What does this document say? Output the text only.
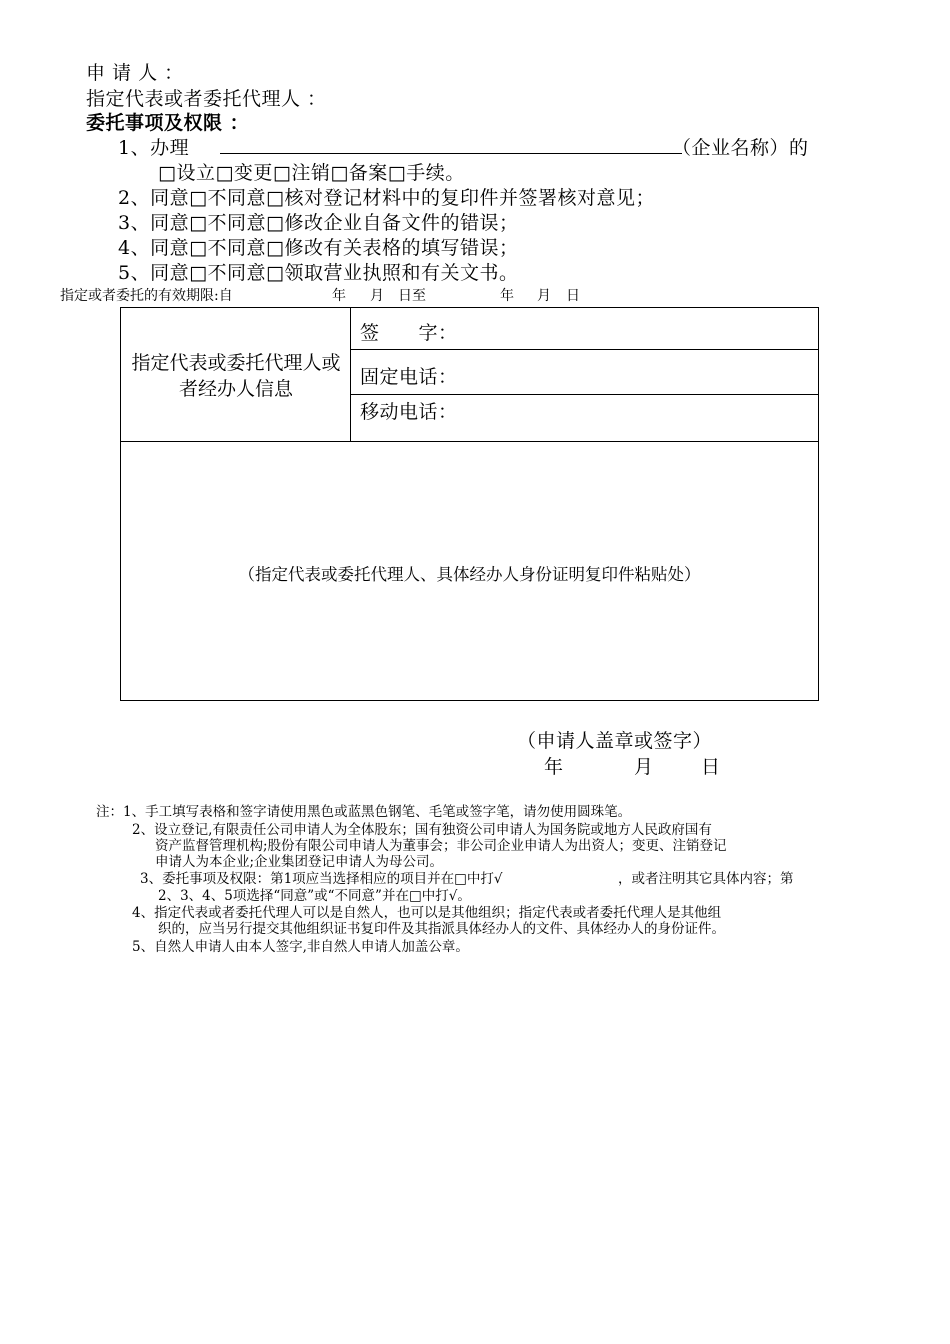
申 请 人 ：
指定代表或者委托代理人 ：
委托事项及权限 ：
1、办理	（企业名称）的
□设立□变更□注销□备案□手续。
2、同意□不同意□核对登记材料中的复印件并签署核对意见；
3、同意□不同意□修改企业自备文件的错误；
4、同意□不同意□修改有关表格的填写错误；
5、同意□不同意□领取营业执照和有关文书。
指定或者委托的有效期限:自	年 月 日至	年 月 日
指定代表或委托代理人或者经办人信息
签　　字：
固定电话：
移动电话：
（指定代表或委托代理人、具体经办人身份证明复印件粘贴处）
（申请人盖章或签字）
年	月 日
注：1、手工填写表格和签字请使用黑色或蓝黑色钢笔、毛笔或签字笔，请勿使用圆珠笔。
2、设立登记,有限责任公司申请人为全体股东；国有独资公司申请人为国务院或地方人民政府国有
资产监督管理机构;股份有限公司申请人为董事会；非公司企业申请人为出资人；变更、注销登记
申请人为本企业;企业集团登记申请人为母公司。
3、委托事项及权限：第1项应当选择相应的项目并在□中打√	，或者注明其它具体内容；第
2、3、4、5项选择“同意”或“不同意”并在□中打√。
4、指定代表或者委托代理人可以是自然人，也可以是其他组织；指定代表或者委托代理人是其他组
织的，应当另行提交其他组织证书复印件及其指派具体经办人的文件、具体经办人的身份证件。
5、自然人申请人由本人签字,非自然人申请人加盖公章。
